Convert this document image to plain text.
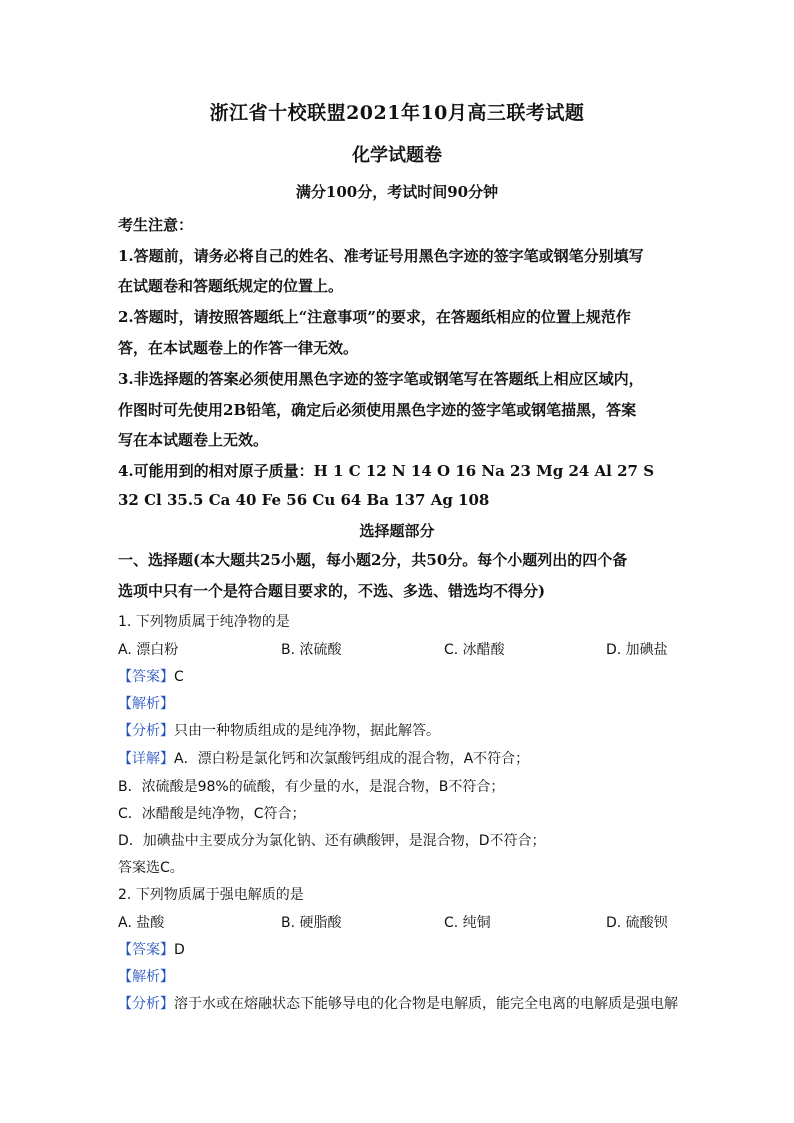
浙江省十校联盟2021年10月高三联考试题
化学试题卷
满分100分，考试时间90分钟
考生注意：
1.答题前，请务必将自己的姓名、准考证号用黑色字迹的签字笔或钢笔分别填写
在试题卷和答题纸规定的位置上。
2.答题时，请按照答题纸上“注意事项”的要求，在答题纸相应的位置上规范作
答，在本试题卷上的作答一律无效。
3.非选择题的答案必须使用黑色字迹的签字笔或钢笔写在答题纸上相应区域内，
作图时可先使用2B铅笔，确定后必须使用黑色字迹的签字笔或钢笔描黑，答案
写在本试题卷上无效。
4.可能用到的相对原子质量：H 1 C 12 N 14 O 16 Na 23 Mg 24 Al 27 S
32 Cl 35.5 Ca 40 Fe 56 Cu 64 Ba 137 Ag 108
选择题部分
一、选择题(本大题共25小题，每小题2分，共50分。每个小题列出的四个备
选项中只有一个是符合题目要求的，不选、多选、错选均不得分)
1. 下列物质属于纯净物的是
A. 漂白粉	B. 浓硫酸	C. 冰醋酸	D. 加碘盐
【答案】C
【解析】
【分析】只由一种物质组成的是纯净物，据此解答。
【详解】A．漂白粉是氯化钙和次氯酸钙组成的混合物，A不符合；
B．浓硫酸是98%的硫酸，有少量的水，是混合物，B不符合；
C．冰醋酸是纯净物，C符合；
D．加碘盐中主要成分为氯化钠、还有碘酸钾，是混合物，D不符合；
答案选C。
2. 下列物质属于强电解质的是
A. 盐酸	B. 硬脂酸	C. 纯铜	D. 硫酸钡
【答案】D
【解析】
【分析】溶于水或在熔融状态下能够导电的化合物是电解质，能完全电离的电解质是强电解
